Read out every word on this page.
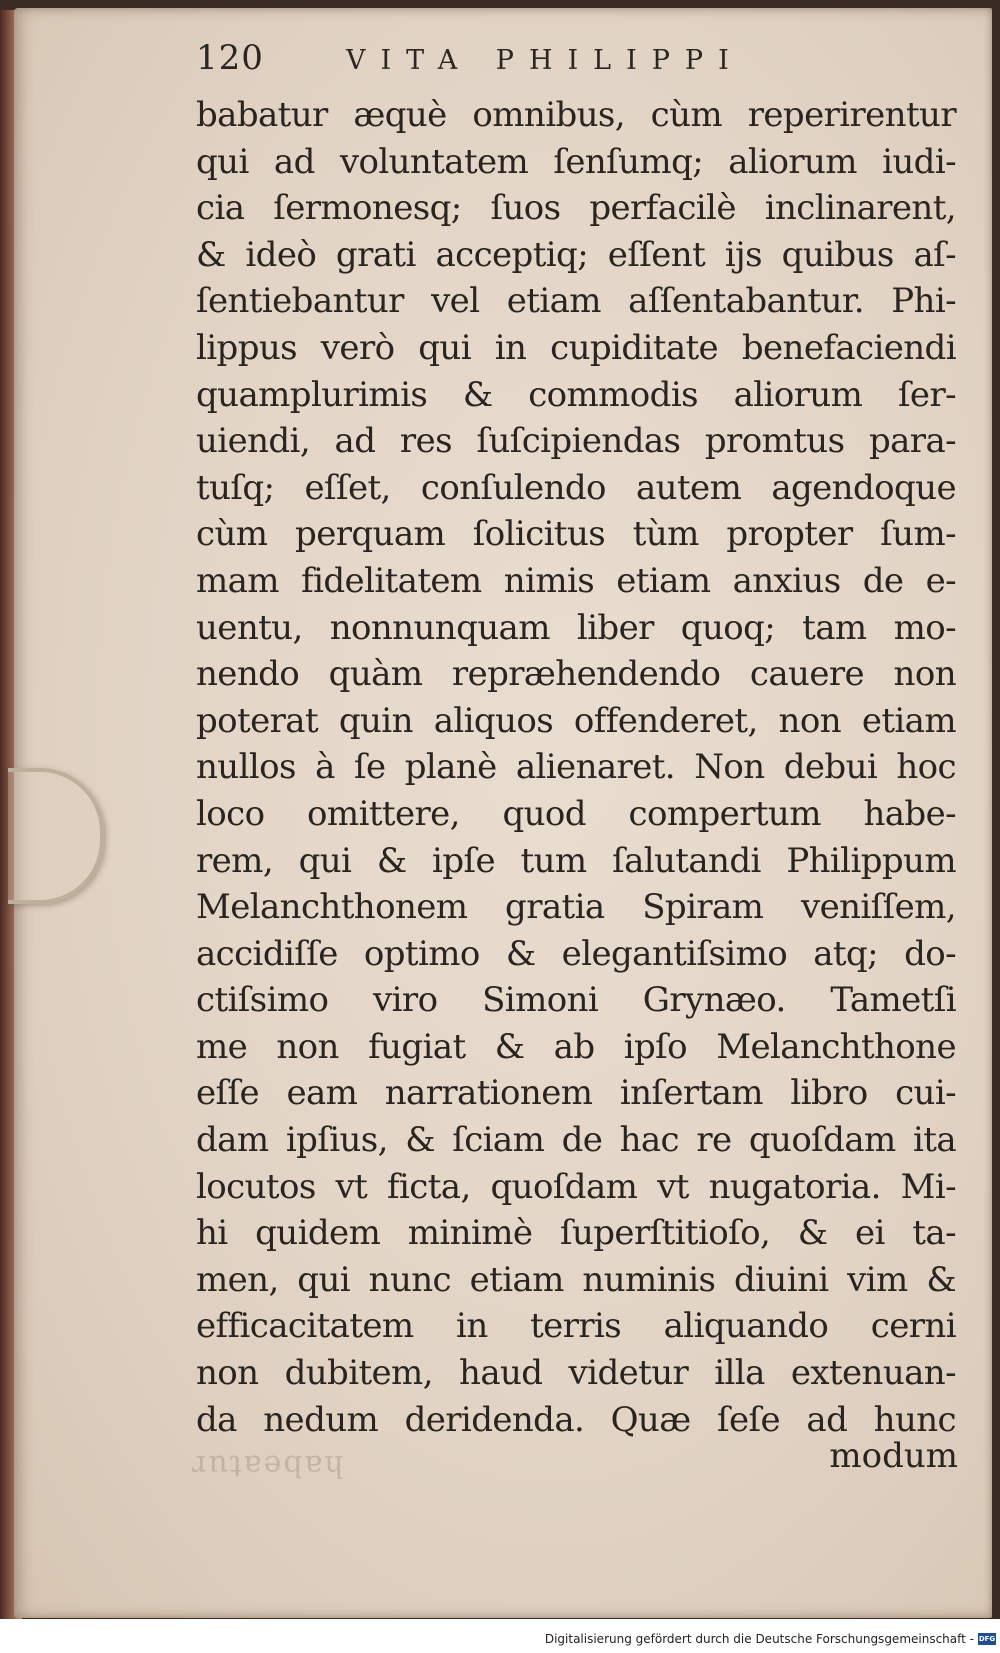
120	VITA PHILIPPI
babatur æquè omnibus, cùm reperirentur
qui ad voluntatem ſenſumq; aliorum iudi-
cia ſermonesq; ſuos perfacilè inclinarent,
& ideò grati acceptiq; eſſent ijs quibus aſ-
ſentiebantur vel etiam aſſentabantur. Phi-
lippus verò qui in cupiditate benefaciendi
quamplurimis & commodis aliorum ſer-
uiendi, ad res ſuſcipiendas promtus para-
tuſq; eſſet, conſulendo autem agendoque
cùm perquam ſolicitus tùm propter ſum-
mam fidelitatem nimis etiam anxius de e-
uentu, nonnunquam liber quoq; tam mo-
nendo quàm repræhendendo cauere non
poterat quin aliquos offenderet, non etiam
nullos à ſe planè alienaret. Non debui hoc
loco omittere, quod compertum habe-
rem, qui & ipſe tum ſalutandi Philippum
Melanchthonem gratia Spiram veniſſem,
accidiſſe optimo & elegantiſsimo atq; do-
ctiſsimo viro Simoni Grynæo. Tametſi
me non fugiat & ab ipſo Melanchthone
eſſe eam narrationem inſertam libro cui-
dam ipſius, & ſciam de hac re quoſdam ita
locutos vt ficta, quoſdam vt nugatoria. Mi-
hi quidem minimè ſuperſtitioſo, & ei ta-
men, qui nunc etiam numinis diuini vim &
efficacitatem in terris aliquando cerni
non dubitem, haud videtur illa extenuan-
da nedum deridenda. Quæ ſeſe ad hunc
habeatur	modum
Digitalisierung gefördert durch die Deutsche Forschungsgemeinschaft - DFG
